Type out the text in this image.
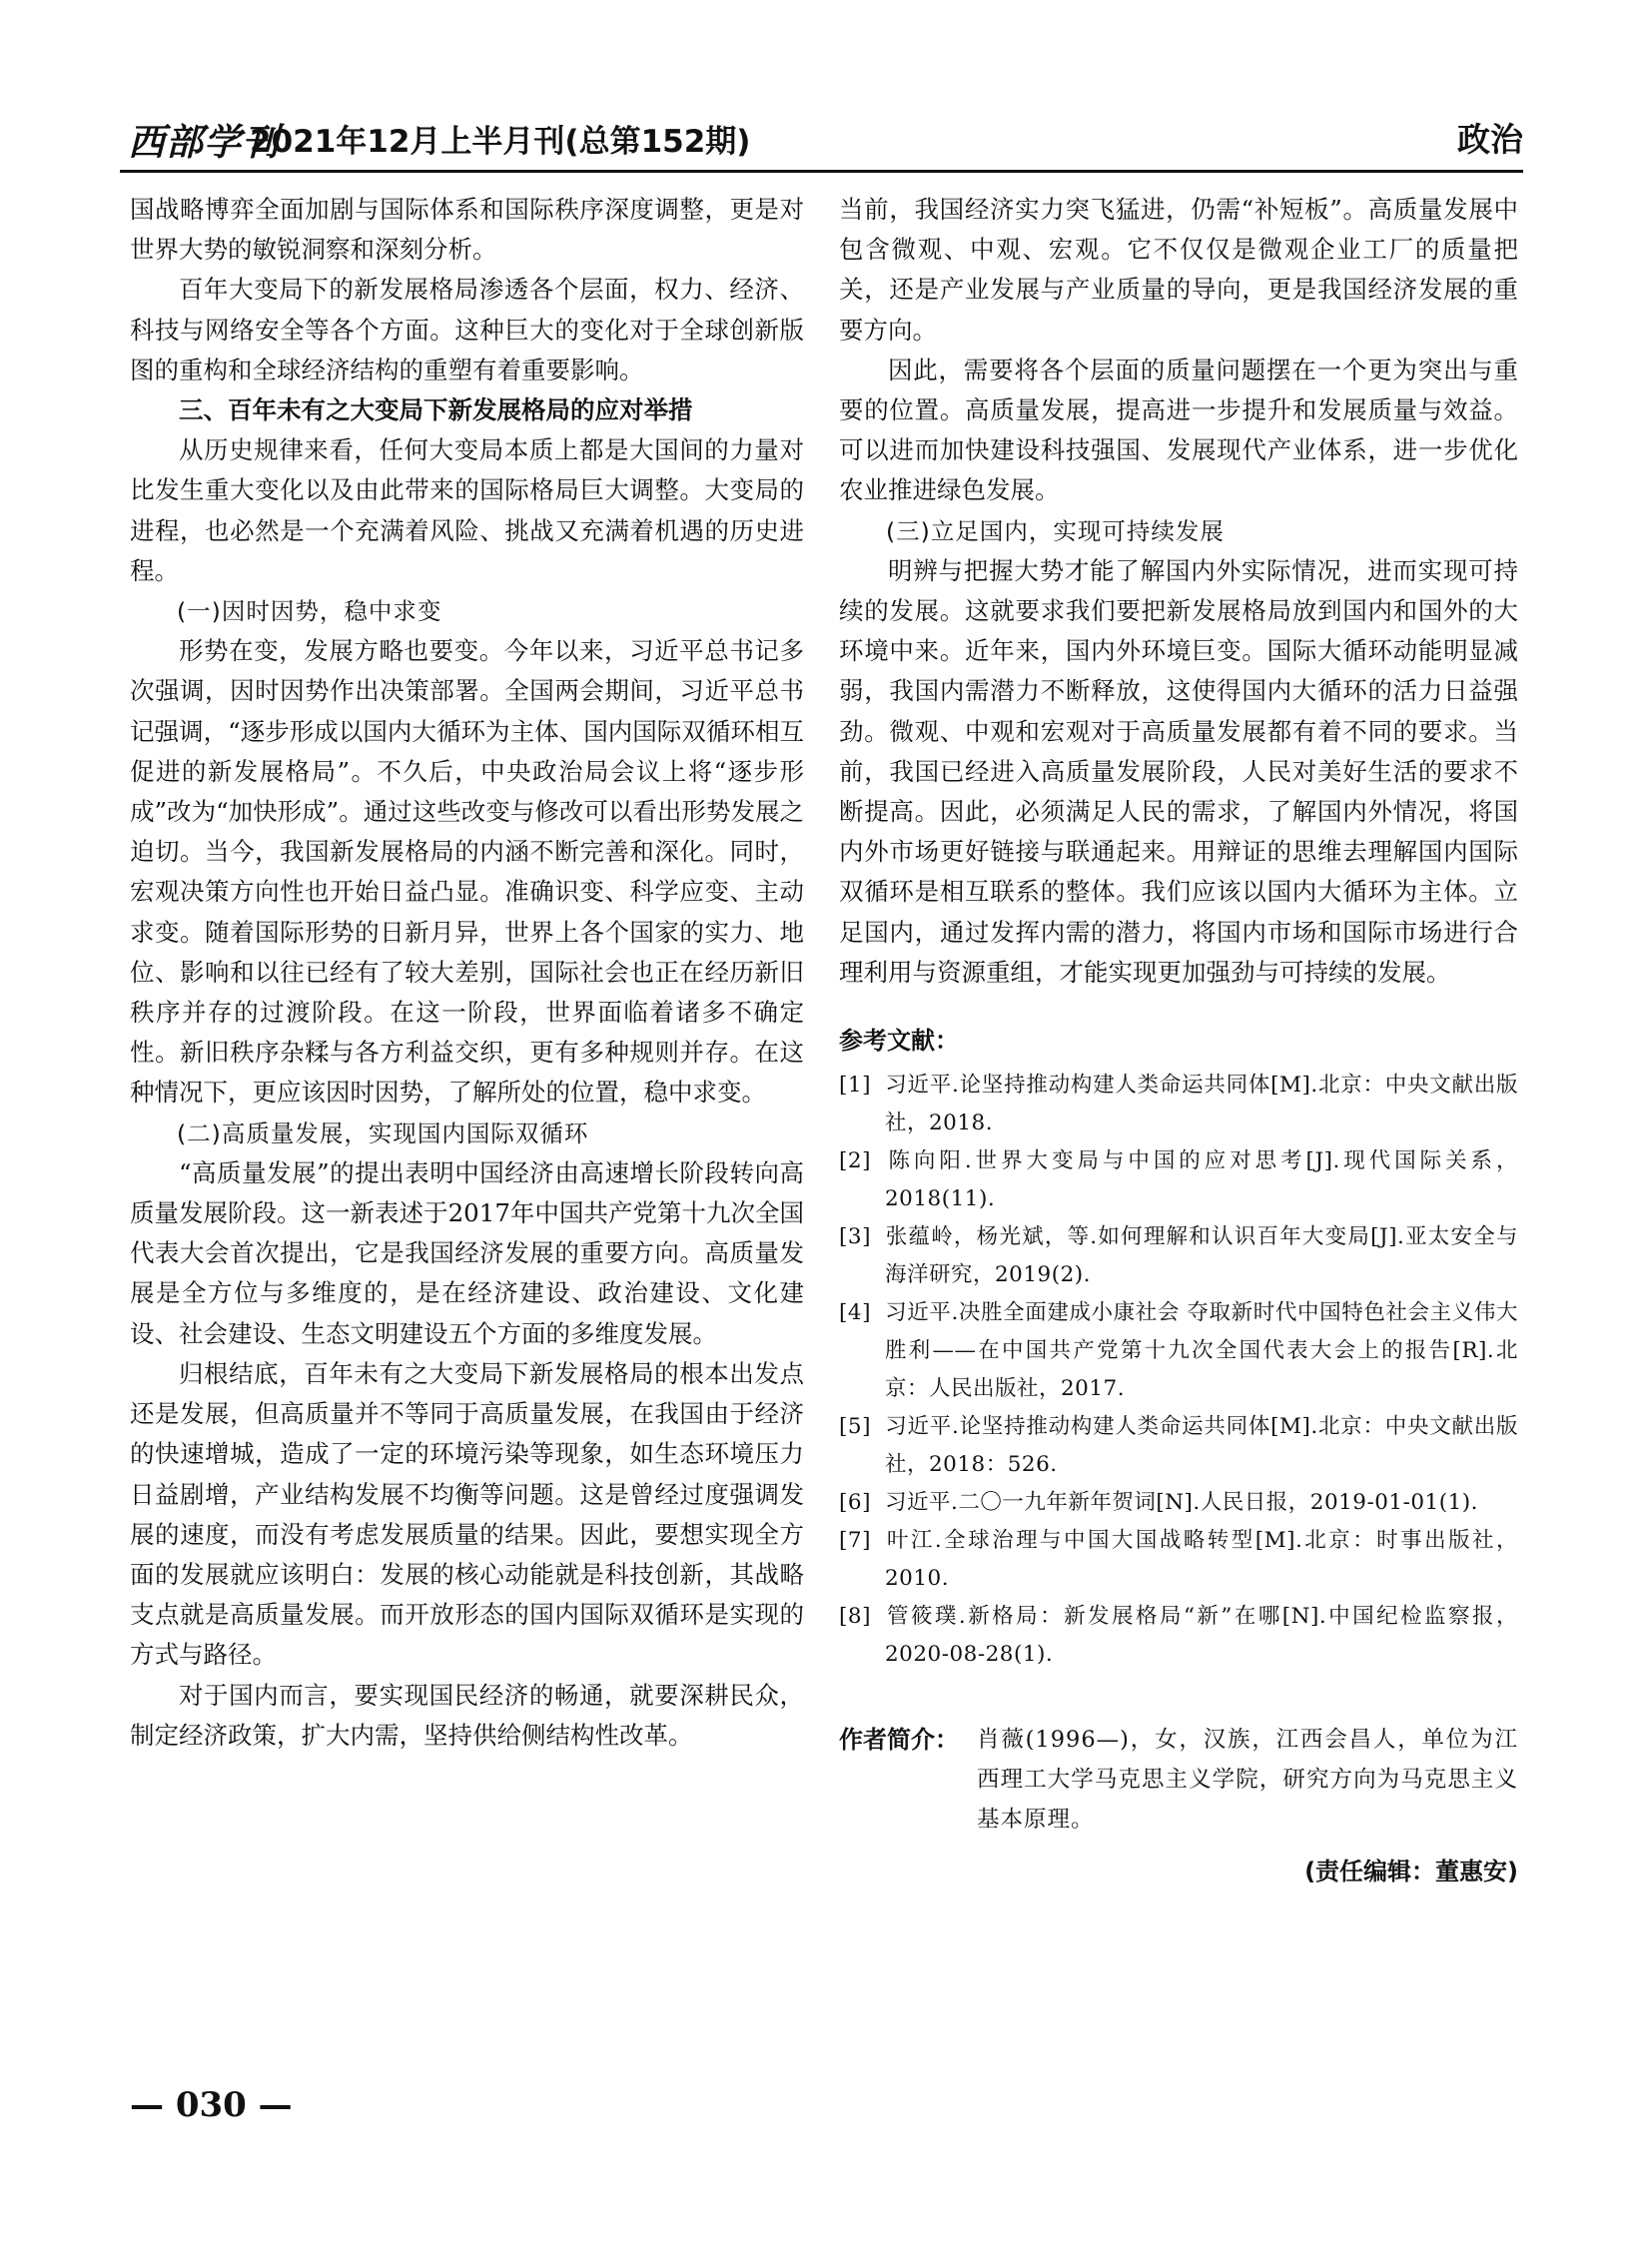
西部学刊
2021年12月上半月刊(总第152期)	政治

国战略博弈全面加剧与国际体系和国际秩序深度调整，更是对世界大势的敏锐洞察和深刻分析。

百年大变局下的新发展格局渗透各个层面，权力、经济、科技与网络安全等各个方面。这种巨大的变化对于全球创新版图的重构和全球经济结构的重塑有着重要影响。

三、百年未有之大变局下新发展格局的应对举措

从历史规律来看，任何大变局本质上都是大国间的力量对比发生重大变化以及由此带来的国际格局巨大调整。大变局的进程，也必然是一个充满着风险、挑战又充满着机遇的历史进程。

(一)因时因势，稳中求变

形势在变，发展方略也要变。今年以来，习近平总书记多次强调，因时因势作出决策部署。全国两会期间，习近平总书记强调，“逐步形成以国内大循环为主体、国内国际双循环相互促进的新发展格局”。不久后，中央政治局会议上将“逐步形成”改为“加快形成”。通过这些改变与修改可以看出形势发展之迫切。当今，我国新发展格局的内涵不断完善和深化。同时，宏观决策方向性也开始日益凸显。准确识变、科学应变、主动求变。随着国际形势的日新月异，世界上各个国家的实力、地位、影响和以往已经有了较大差别，国际社会也正在经历新旧秩序并存的过渡阶段。在这一阶段，世界面临着诸多不确定性。新旧秩序杂糅与各方利益交织，更有多种规则并存。在这种情况下，更应该因时因势，了解所处的位置，稳中求变。

(二)高质量发展，实现国内国际双循环

“高质量发展”的提出表明中国经济由高速增长阶段转向高质量发展阶段。这一新表述于2017年中国共产党第十九次全国代表大会首次提出，它是我国经济发展的重要方向。高质量发展是全方位与多维度的，是在经济建设、政治建设、文化建设、社会建设、生态文明建设五个方面的多维度发展。

归根结底，百年未有之大变局下新发展格局的根本出发点还是发展，但高质量并不等同于高质量发展，在我国由于经济的快速增城，造成了一定的环境污染等现象，如生态环境压力日益剧增，产业结构发展不均衡等问题。这是曾经过度强调发展的速度，而没有考虑发展质量的结果。因此，要想实现全方面的发展就应该明白：发展的核心动能就是科技创新，其战略支点就是高质量发展。而开放形态的国内国际双循环是实现的方式与路径。

对于国内而言，要实现国民经济的畅通，就要深耕民众，制定经济政策，扩大内需，坚持供给侧结构性改革。

当前，我国经济实力突飞猛进，仍需“补短板”。高质量发展中包含微观、中观、宏观。它不仅仅是微观企业工厂的质量把关，还是产业发展与产业质量的导向，更是我国经济发展的重要方向。

因此，需要将各个层面的质量问题摆在一个更为突出与重要的位置。高质量发展，提高进一步提升和发展质量与效益。可以进而加快建设科技强国、发展现代产业体系，进一步优化农业推进绿色发展。

(三)立足国内，实现可持续发展

明辨与把握大势才能了解国内外实际情况，进而实现可持续的发展。这就要求我们要把新发展格局放到国内和国外的大环境中来。近年来，国内外环境巨变。国际大循环动能明显减弱，我国内需潜力不断释放，这使得国内大循环的活力日益强劲。微观、中观和宏观对于高质量发展都有着不同的要求。当前，我国已经进入高质量发展阶段，人民对美好生活的要求不断提高。因此，必须满足人民的需求，了解国内外情况，将国内外市场更好链接与联通起来。用辩证的思维去理解国内国际双循环是相互联系的整体。我们应该以国内大循环为主体。立足国内，通过发挥内需的潜力，将国内市场和国际市场进行合理利用与资源重组，才能实现更加强劲与可持续的发展。

参考文献：

[1] 习近平.论坚持推动构建人类命运共同体[M].北京：中央文献出版社，2018.

[2] 陈向阳.世界大变局与中国的应对思考[J].现代国际关系，2018(11).

[3] 张蕴岭，杨光斌，等.如何理解和认识百年大变局[J].亚太安全与海洋研究，2019(2).

[4] 习近平.决胜全面建成小康社会 夺取新时代中国特色社会主义伟大胜利——在中国共产党第十九次全国代表大会上的报告[R].北京：人民出版社，2017.

[5] 习近平.论坚持推动构建人类命运共同体[M].北京：中央文献出版社，2018：526.

[6] 习近平.二〇一九年新年贺词[N].人民日报，2019-01-01(1).

[7] 叶江.全球治理与中国大国战略转型[M].北京：时事出版社，2010.

[8] 管筱璞.新格局：新发展格局“新”在哪[N].中国纪检监察报，2020-08-28(1).

作者简介： 肖薇(1996—)，女，汉族，江西会昌人，单位为江西理工大学马克思主义学院，研究方向为马克思主义基本原理。

(责任编辑：董惠安)
— 030 —
